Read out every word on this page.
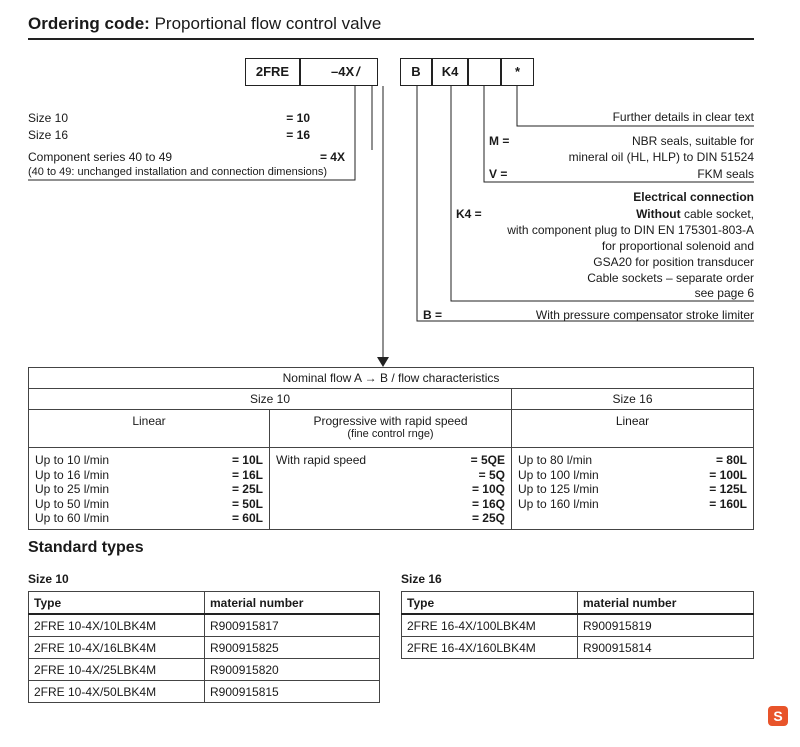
Ordering code: Proportional flow control valve
2FRE	–4X /	B	K4	*
Size 10	= 10
Size 16	= 16
Component series 40 to 49	= 4X
(40 to 49: unchanged installation and connection dimensions)
Further details in clear text
M =	NBR seals, suitable for
mineral oil (HL, HLP) to DIN 51524
V =	FKM seals
Electrical connection
K4 =	Without cable socket,
with component plug to DIN EN 175301-803-A
for proportional solenoid and
GSA20 for position transducer
Cable sockets – separate order
see page 6
B =	With pressure compensator stroke limiter
Nominal flow A → B / flow characteristics
Size 10	Size 16
Linear	Progressive with rapid speed
(fine control rnge)
Linear
Up to 10 l/min	= 10L
Up to 16 l/min	= 16L
Up to 25 l/min	= 25L
Up to 50 l/min	= 50L
Up to 60 l/min	= 60L
With rapid speed	= 5QE
= 5Q
= 10Q
= 16Q
= 25Q
Up to 80 l/min	= 80L
Up to 100 l/min	= 100L
Up to 125 l/min	= 125L
Up to 160 l/min	= 160L
Standard types
Size 10	Size 16
Type	material number
2FRE 10-4X/10LBK4M	R900915817
2FRE 10-4X/16LBK4M	R900915825
2FRE 10-4X/25LBK4M	R900915820
2FRE 10-4X/50LBK4M	R900915815
Type	material number
2FRE 16-4X/100LBK4M	R900915819
2FRE 16-4X/160LBK4M	R900915814
S
